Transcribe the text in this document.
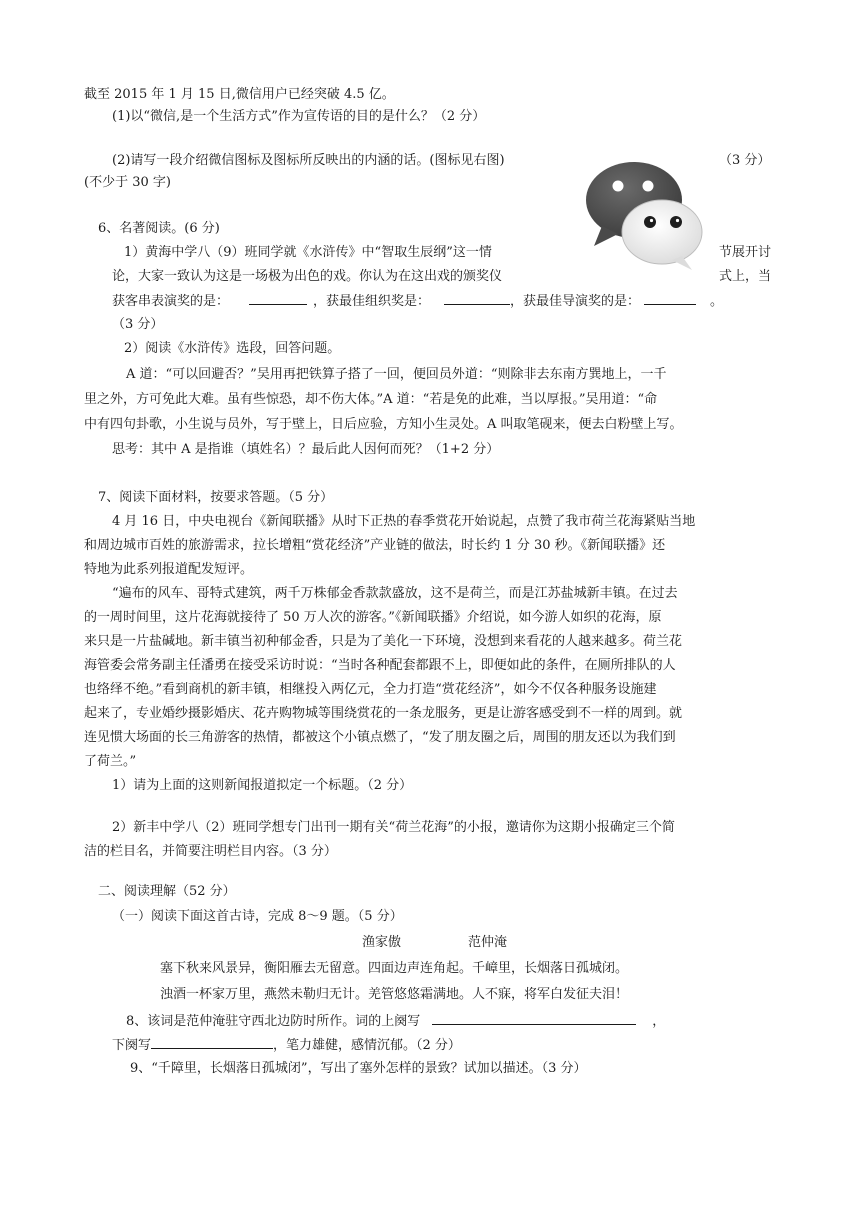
截至 2015 年 1 月 15 日,微信用户已经突破 4.5 亿。
(1)以“微信,是一个生活方式”作为宣传语的目的是什么？（2 分）
(2)请写一段介绍微信图标及图标所反映出的内涵的话。(图标见右图)	（3 分）
(不少于 30 字)
6、名著阅读。(6 分)
1）黄海中学八（9）班同学就《水浒传》中“智取生辰纲”这一情	节展开讨
论，大家一致认为这是一场极为出色的戏。你认为在这出戏的颁奖仪	式上，当
获客串表演奖的是：	，获最佳组织奖是：	，获最佳导演奖的是：	。
（3 分）
2）阅读《水浒传》选段，回答问题。
A 道：“可以回避否？”吴用再把铁算子搭了一回，便回员外道：“则除非去东南方巽地上，一千
里之外，方可免此大难。虽有些惊恐，却不伤大体。”A 道：“若是免的此难，当以厚报。”吴用道：“命
中有四句卦歌，小生说与员外，写于壁上，日后应验，方知小生灵处。A 叫取笔砚来，便去白粉壁上写。
思考：其中 A 是指谁（填姓名）？最后此人因何而死？（1+2 分）
7、阅读下面材料，按要求答题。（5 分）
4 月 16 日，中央电视台《新闻联播》从时下正热的春季赏花开始说起，点赞了我市荷兰花海紧贴当地
和周边城市百姓的旅游需求，拉长增粗“赏花经济”产业链的做法，时长约 1 分 30 秒。《新闻联播》还
特地为此系列报道配发短评。
“遍布的风车、哥特式建筑，两千万株郁金香款款盛放，这不是荷兰，而是江苏盐城新丰镇。在过去
的一周时间里，这片花海就接待了 50 万人次的游客。”《新闻联播》介绍说，如今游人如织的花海，原
来只是一片盐碱地。新丰镇当初种郁金香，只是为了美化一下环境，没想到来看花的人越来越多。荷兰花
海管委会常务副主任潘勇在接受采访时说：“当时各种配套都跟不上，即便如此的条件，在厕所排队的人
也络绎不绝。”看到商机的新丰镇，相继投入两亿元，全力打造“赏花经济”，如今不仅各种服务设施建
起来了，专业婚纱摄影婚庆、花卉购物城等围绕赏花的一条龙服务，更是让游客感受到不一样的周到。就
连见惯大场面的长三角游客的热情，都被这个小镇点燃了，“发了朋友圈之后，周围的朋友还以为我们到
了荷兰。”
1）请为上面的这则新闻报道拟定一个标题。（2 分）
2）新丰中学八（2）班同学想专门出刊一期有关“荷兰花海”的小报，邀请你为这期小报确定三个简
洁的栏目名，并简要注明栏目内容。（3 分）
二、阅读理解（52 分）
（一）阅读下面这首古诗，完成 8～9 题。（5 分）
渔家傲	范仲淹
塞下秋来风景异，衡阳雁去无留意。四面边声连角起。千嶂里，长烟落日孤城闭。
浊酒一杯家万里，燕然未勒归无计。羌管悠悠霜满地。人不寐，将军白发征夫泪！
8、该词是范仲淹驻守西北边防时所作。词的上阕写	，
下阕写	，笔力雄健，感情沉郁。（2 分）
9、“千障里，长烟落日孤城闭”，写出了塞外怎样的景致？试加以描述。（3 分）
